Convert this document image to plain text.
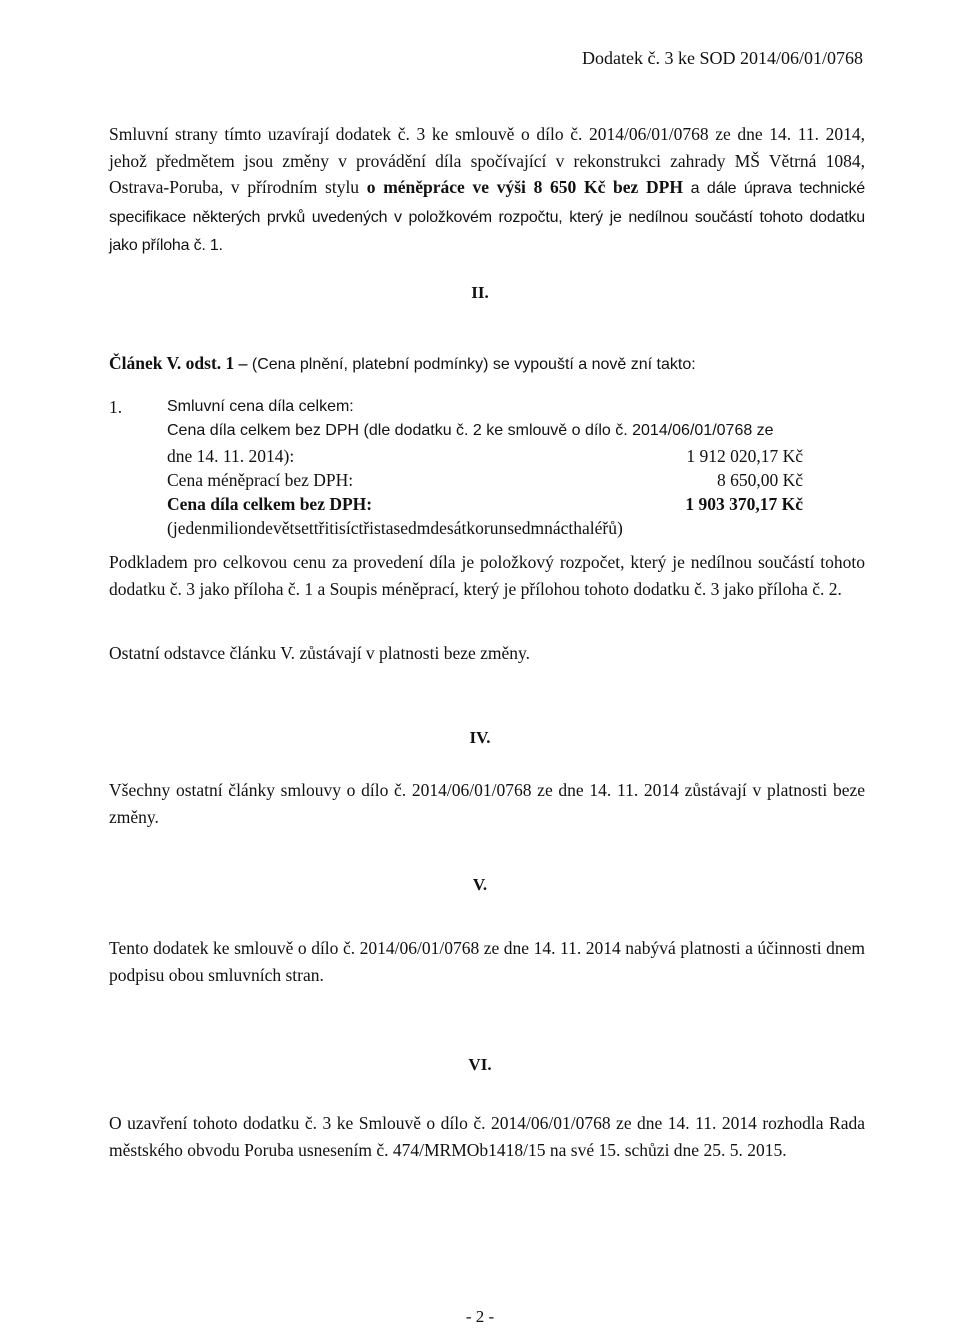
Dodatek č. 3 ke SOD 2014/06/01/0768
Smluvní strany tímto uzavírají dodatek č. 3 ke smlouvě o dílo č. 2014/06/01/0768 ze dne 14. 11. 2014, jehož předmětem jsou změny v provádění díla spočívající v rekonstrukci zahrady MŠ Větrná 1084, Ostrava-Poruba, v přírodním stylu o méněpráce ve výši 8 650 Kč bez DPH a dále úprava technické specifikace některých prvků uvedených v položkovém rozpočtu, který je nedílnou součástí tohoto dodatku jako příloha č. 1.
II.
Článek V. odst. 1 – (Cena plnění, platební podmínky) se vypouští a nově zní takto:
1.	Smluvní cena díla celkem:
Cena díla celkem bez DPH (dle dodatku č. 2 ke smlouvě o dílo č. 2014/06/01/0768 ze
dne 14. 11. 2014):	1 912 020,17 Kč
Cena méněprací bez DPH:	8 650,00 Kč
Cena díla celkem bez DPH:	1 903 370,17 Kč
(jedenmiliondevětsettřitisíctřistasedmdesátkorunsedmnácthaléřů)
Podkladem pro celkovou cenu za provedení díla je položkový rozpočet, který je nedílnou součástí tohoto dodatku č. 3 jako příloha č. 1 a Soupis méněprací, který je přílohou tohoto dodatku č. 3 jako příloha č. 2.
Ostatní odstavce článku V. zůstávají v platnosti beze změny.
IV.
Všechny ostatní články smlouvy o dílo č. 2014/06/01/0768 ze dne 14. 11. 2014 zůstávají v platnosti beze změny.
V.
Tento dodatek ke smlouvě o dílo č. 2014/06/01/0768 ze dne 14. 11. 2014 nabývá platnosti a účinnosti dnem podpisu obou smluvních stran.
VI.
O uzavření tohoto dodatku č. 3 ke Smlouvě o dílo č. 2014/06/01/0768 ze dne 14. 11. 2014 rozhodla Rada městského obvodu Poruba usnesením č. 474/MRMOb1418/15 na své 15. schůzi dne 25. 5. 2015.
- 2 -
